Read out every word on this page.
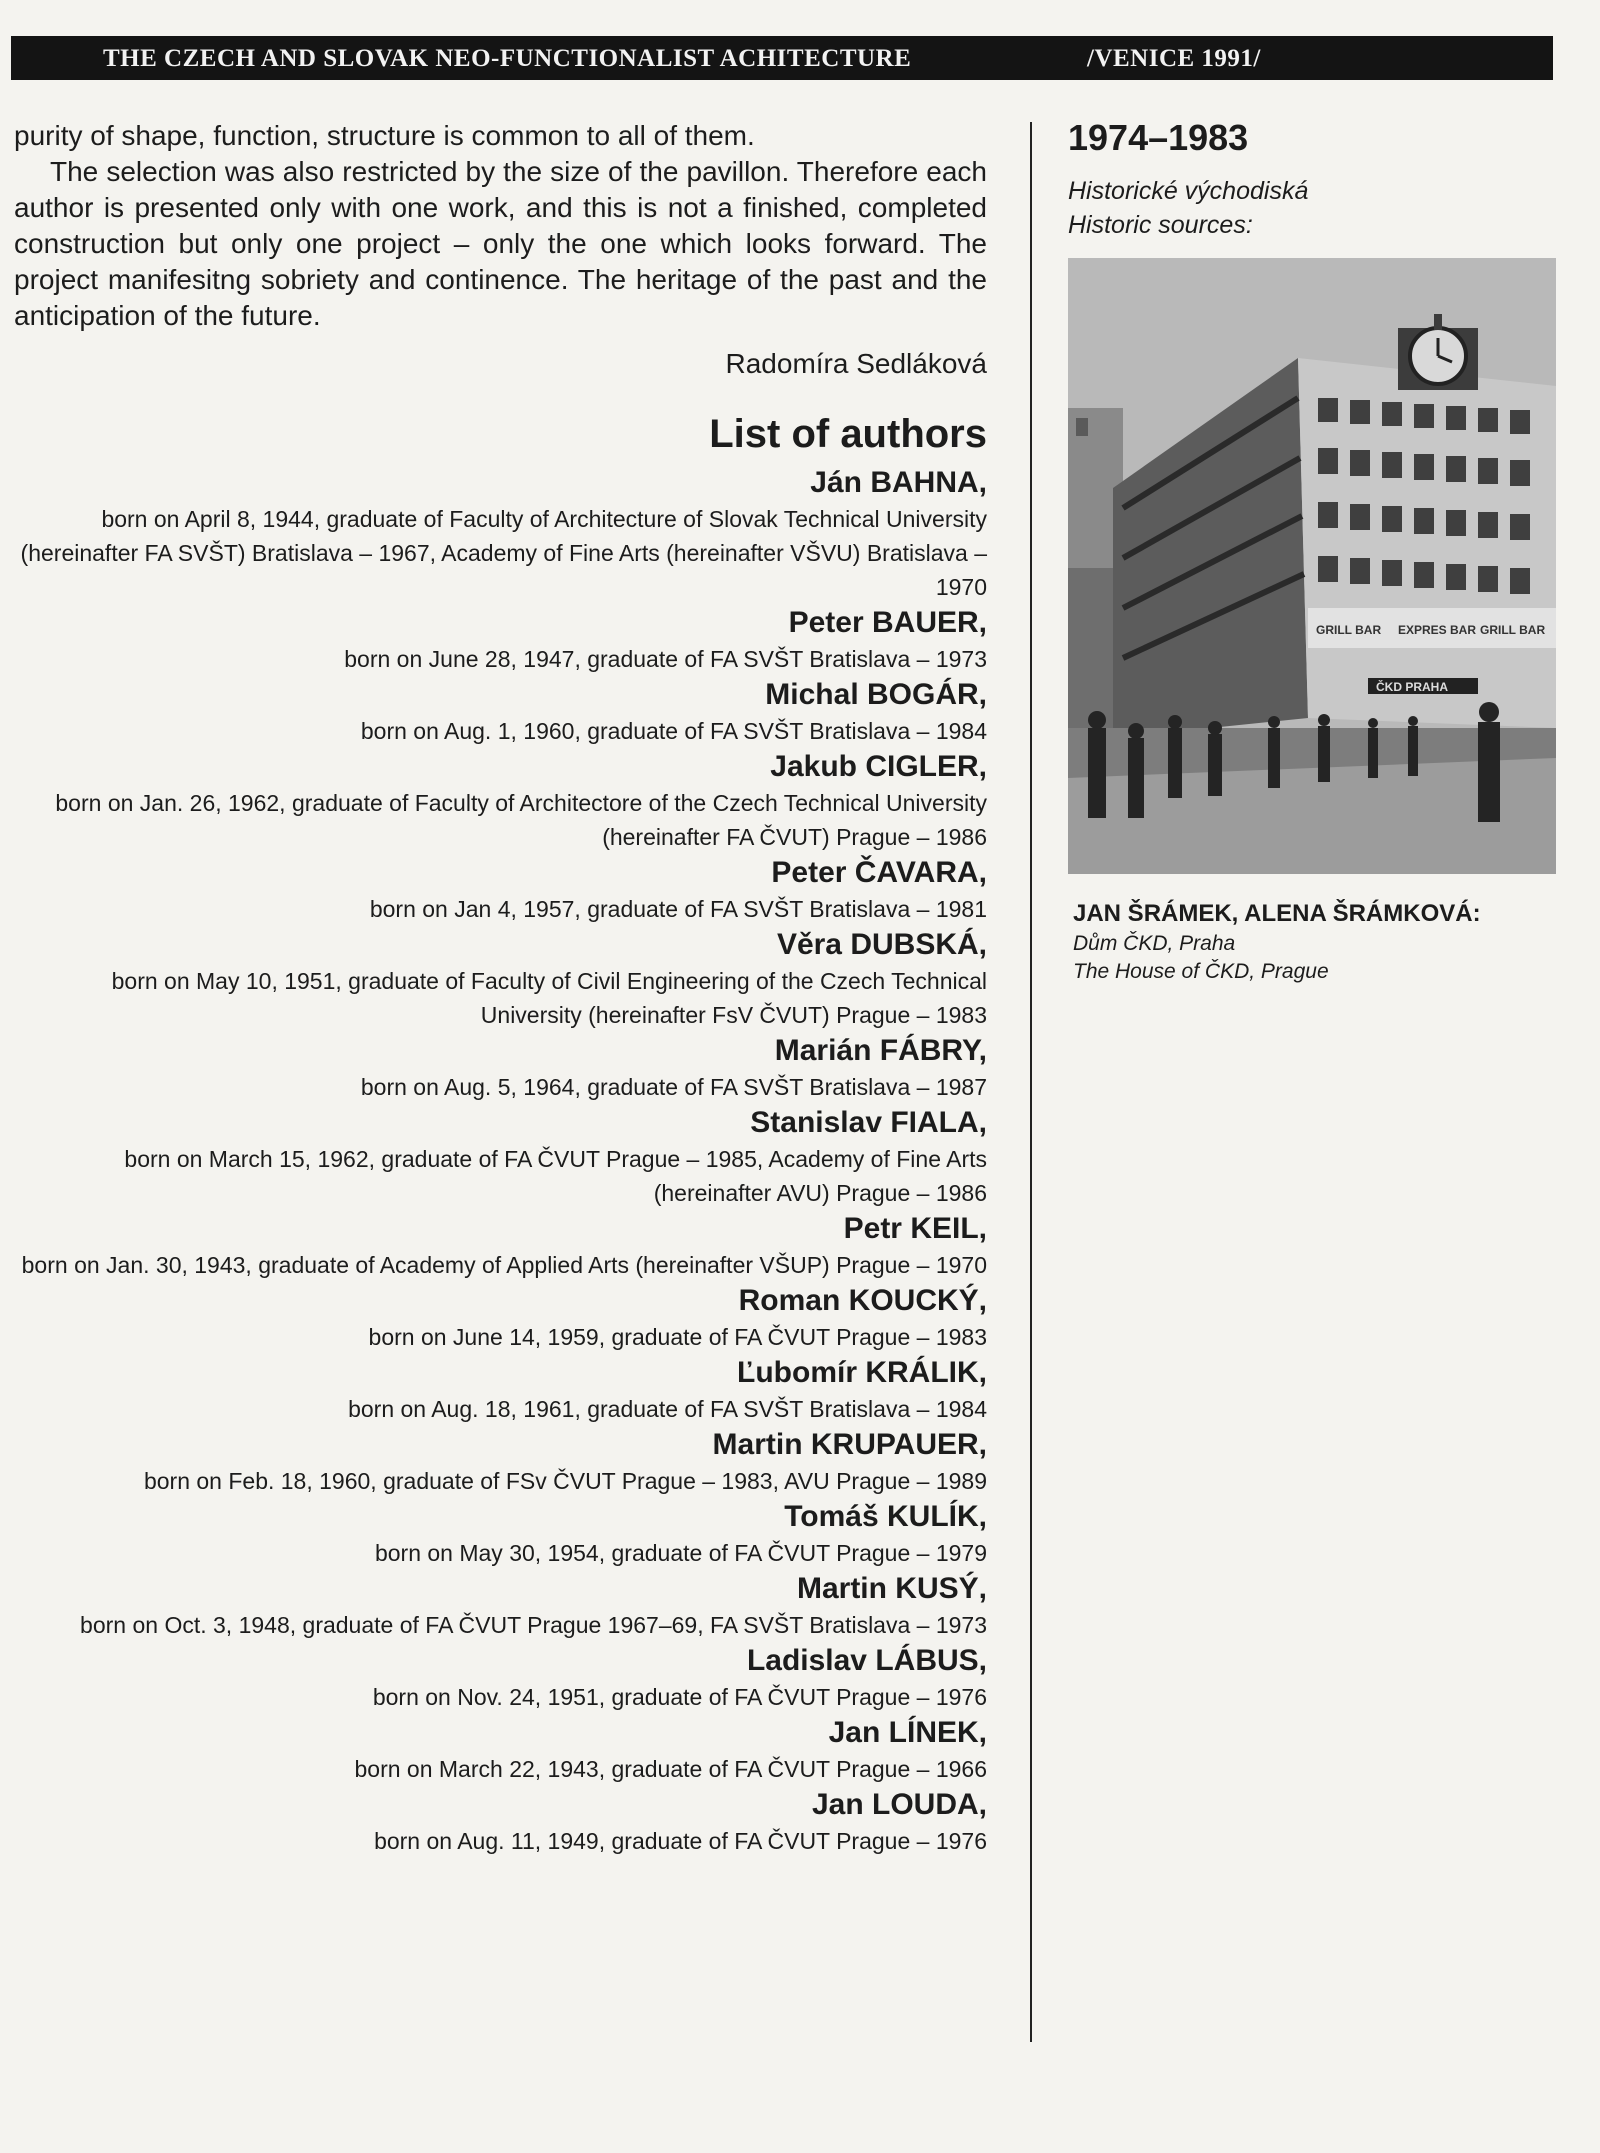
THE CZECH AND SLOVAK NEO-FUNCTIONALIST ACHITECTURE	/VENICE 1991/

purity of shape, function, structure is common to all of them.

The selection was also restricted by the size of the pavillon. Therefore each author is presented only with one work, and this is not a finished, completed construction but only one project – only the one which looks forward. The project manifesitng sobriety and continence. The heritage of the past and the anticipation of the future.

Radomíra Sedláková
List of authors
Ján BAHNA,
born on April 8, 1944, graduate of Faculty of Architecture of Slovak Technical University (hereinafter FA SVŠT) Bratislava – 1967, Academy of Fine Arts (hereinafter VŠVU) Bratislava – 1970
Peter BAUER,
born on June 28, 1947, graduate of FA SVŠT Bratislava – 1973
Michal BOGÁR,
born on Aug. 1, 1960, graduate of FA SVŠT Bratislava – 1984
Jakub CIGLER,
born on Jan. 26, 1962, graduate of Faculty of Architectore of the Czech Technical University (hereinafter FA ČVUT) Prague – 1986
Peter ČAVARA,
born on Jan 4, 1957, graduate of FA SVŠT Bratislava – 1981
Věra DUBSKÁ,
born on May 10, 1951, graduate of Faculty of Civil Engineering of the Czech Technical University (hereinafter FsV ČVUT) Prague – 1983
Marián FÁBRY,
born on Aug. 5, 1964, graduate of FA SVŠT Bratislava – 1987
Stanislav FIALA,
born on March 15, 1962, graduate of FA ČVUT Prague – 1985, Academy of Fine Arts (hereinafter AVU) Prague – 1986
Petr KEIL,
born on Jan. 30, 1943, graduate of Academy of Applied Arts (hereinafter VŠUP) Prague – 1970
Roman KOUCKÝ,
born on June 14, 1959, graduate of FA ČVUT Prague – 1983
Ľubomír KRÁLIK,
born on Aug. 18, 1961, graduate of FA SVŠT Bratislava – 1984
Martin KRUPAUER,
born on Feb. 18, 1960, graduate of FSv ČVUT Prague – 1983, AVU Prague – 1989
Tomáš KULÍK,
born on May 30, 1954, graduate of FA ČVUT Prague – 1979
Martin KUSÝ,
born on Oct. 3, 1948, graduate of FA ČVUT Prague 1967–69, FA SVŠT Bratislava – 1973
Ladislav LÁBUS,
born on Nov. 24, 1951, graduate of FA ČVUT Prague – 1976
Jan LÍNEK,
born on March 22, 1943, graduate of FA ČVUT Prague – 1966
Jan LOUDA,
born on Aug. 11, 1949, graduate of FA ČVUT Prague – 1976
1974–1983
Historické východiská
Historic sources:
GRILL BAR EXPRES BAR GRILL BAR
ČKD PRAHA
JAN ŠRÁMEK, ALENA ŠRÁMKOVÁ:
Dům ČKD, Praha
The House of ČKD, Prague
